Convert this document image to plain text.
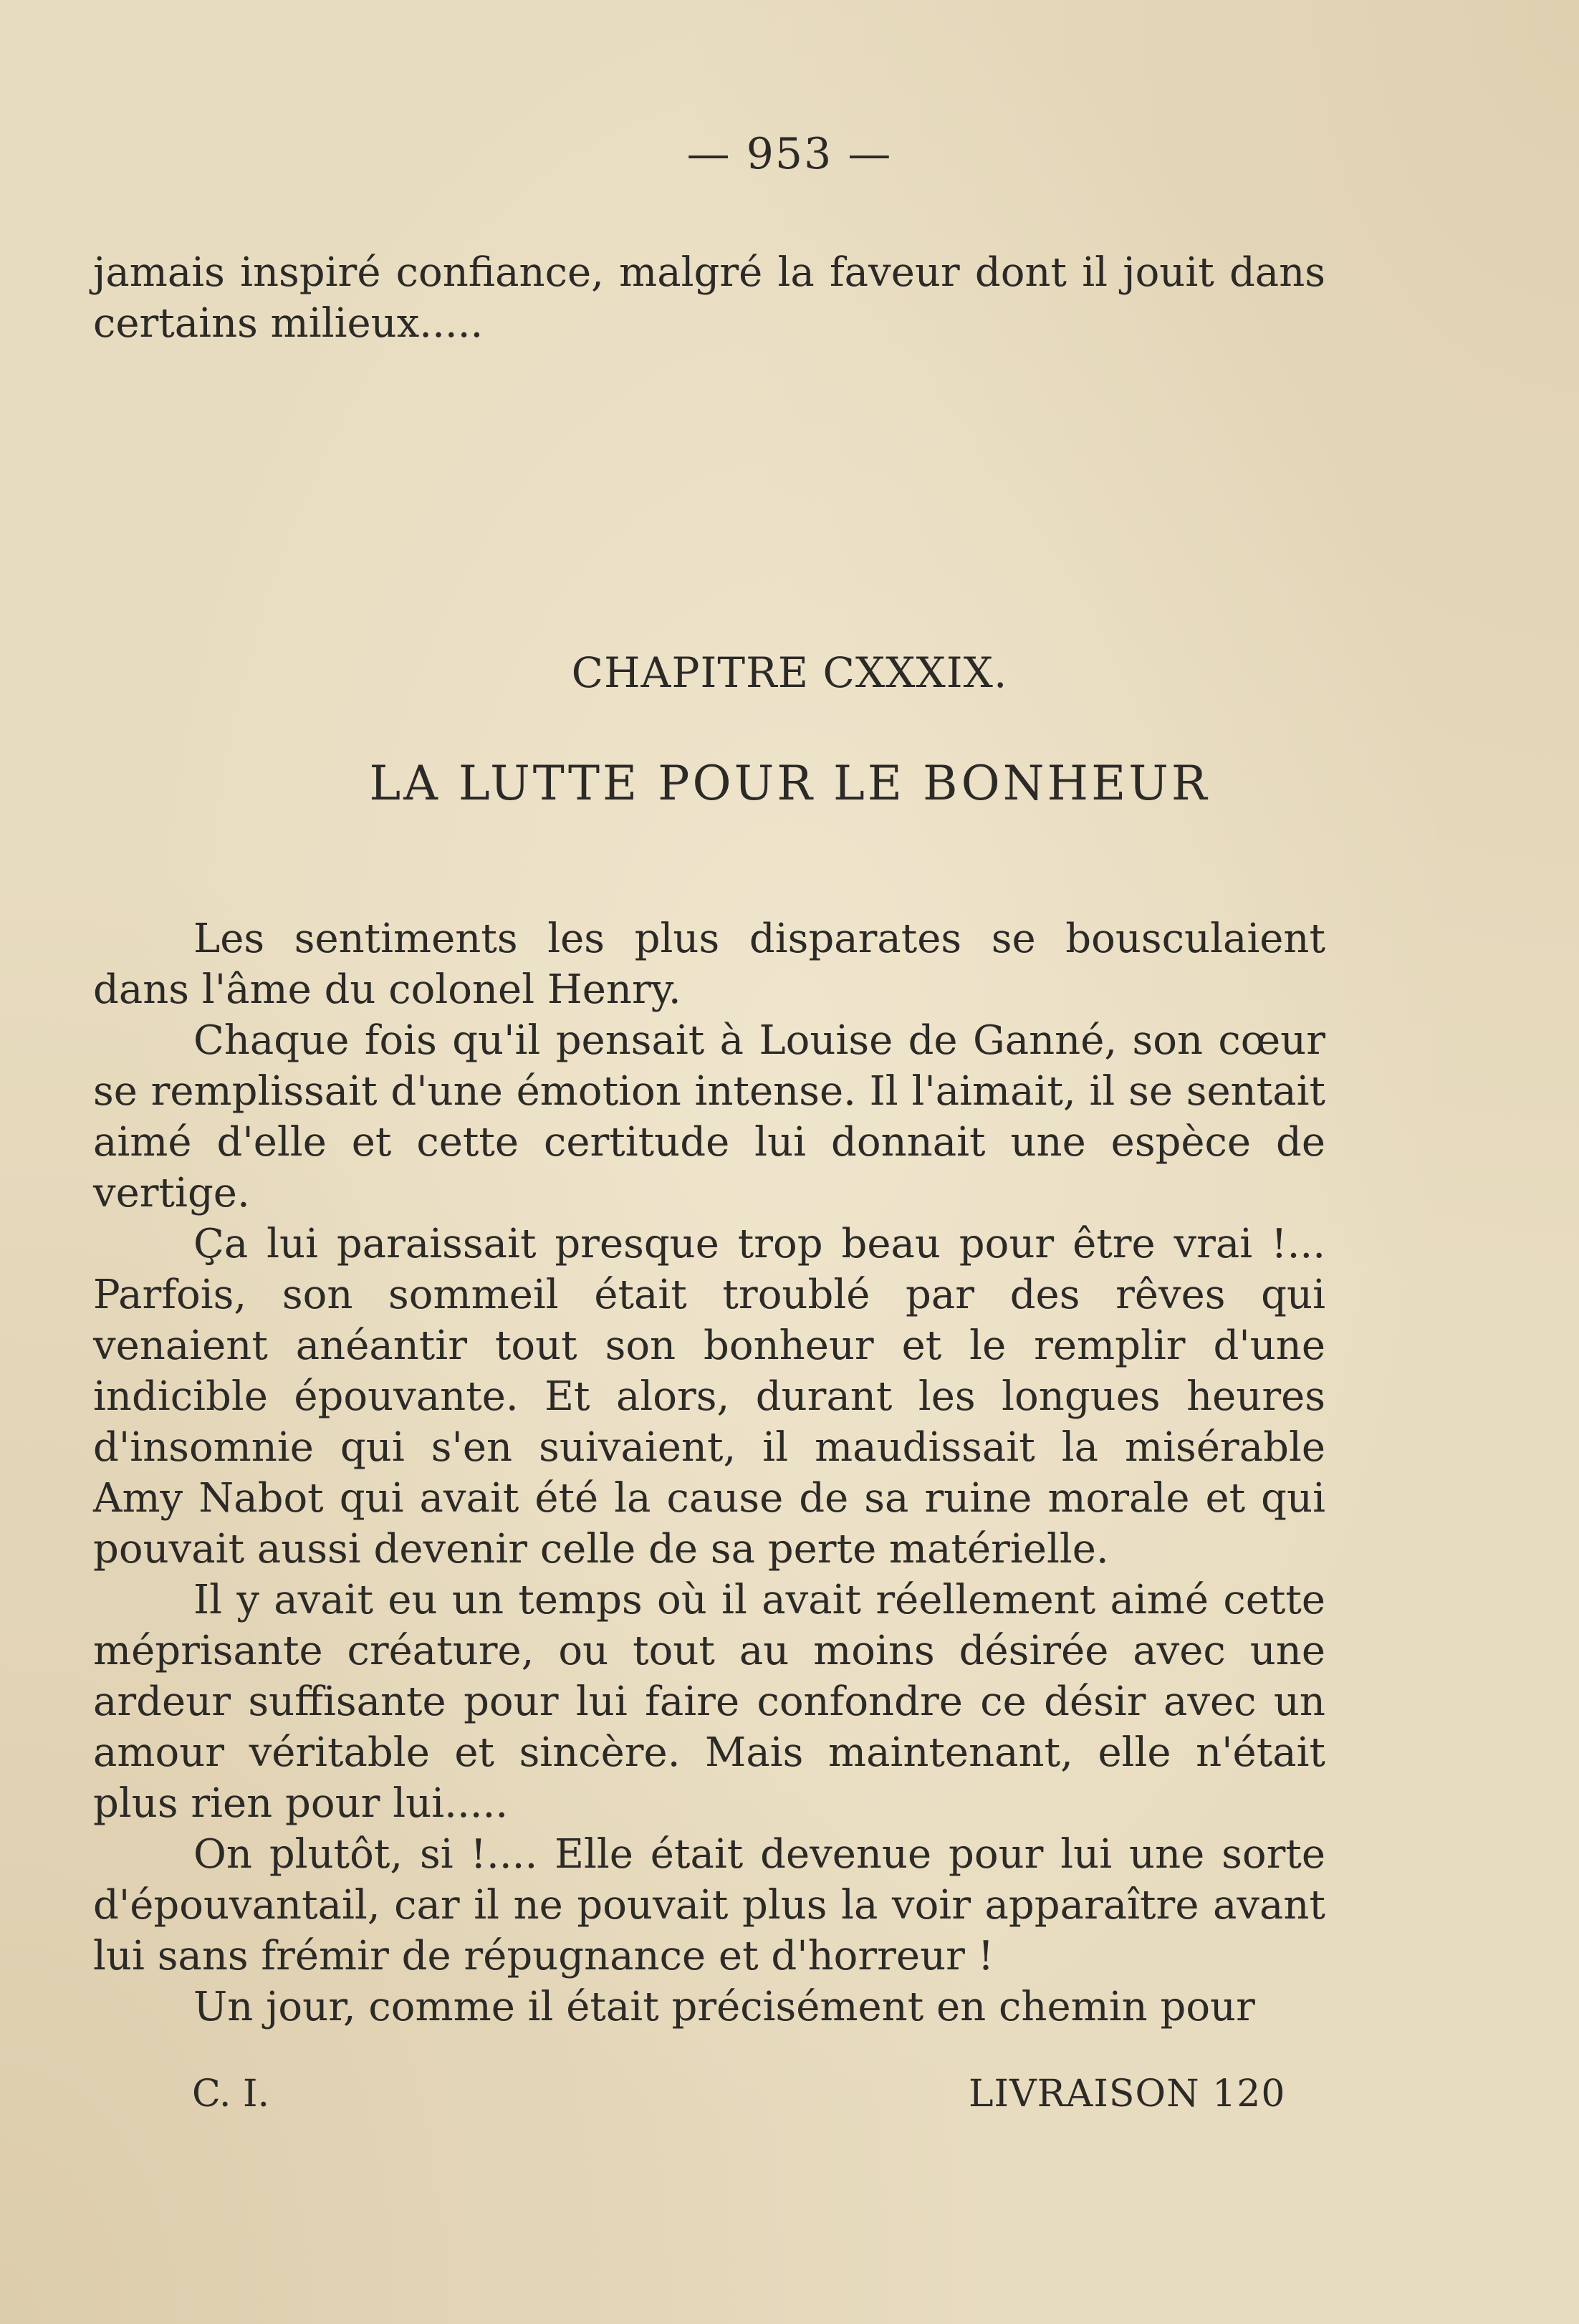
— 953 —

jamais inspiré confiance, malgré la faveur dont il jouit dans certains milieux.....

CHAPITRE CXXXIX.
LA LUTTE POUR LE BONHEUR

Les sentiments les plus disparates se bousculaient dans l'âme du colonel Henry.

Chaque fois qu'il pensait à Louise de Ganné, son cœur se remplissait d'une émotion intense. Il l'aimait, il se sentait aimé d'elle et cette certitude lui donnait une espèce de vertige.

Ça lui paraissait presque trop beau pour être vrai !... Parfois, son sommeil était troublé par des rêves qui venaient anéantir tout son bonheur et le remplir d'une indicible épouvante. Et alors, durant les longues heures d'insomnie qui s'en suivaient, il maudissait la misérable Amy Nabot qui avait été la cause de sa ruine morale et qui pouvait aussi devenir celle de sa perte matérielle.

Il y avait eu un temps où il avait réellement aimé cette méprisante créature, ou tout au moins désirée avec une ardeur suffisante pour lui faire confondre ce désir avec un amour véritable et sincère. Mais maintenant, elle n'était plus rien pour lui.....

On plutôt, si !.... Elle était devenue pour lui une sorte d'épouvantail, car il ne pouvait plus la voir apparaître avant lui sans frémir de répugnance et d'horreur !

Un jour, comme il était précisément en chemin pour

C. I.	LIVRAISON 120
